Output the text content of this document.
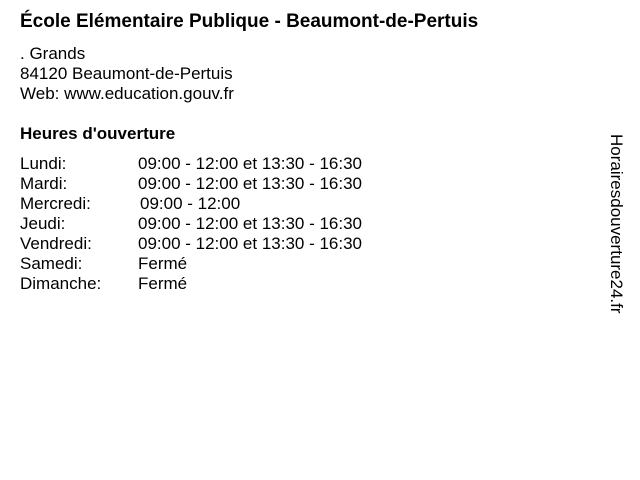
École Elémentaire Publique - Beaumont-de-Pertuis
. Grands
84120 Beaumont-de-Pertuis
Web: www.education.gouv.fr
Heures d'ouverture
Lundi:	09:00 - 12:00 et 13:30 - 16:30
Mardi:	09:00 - 12:00 et 13:30 - 16:30
Mercredi:	09:00 - 12:00
Jeudi:	09:00 - 12:00 et 13:30 - 16:30
Vendredi:	09:00 - 12:00 et 13:30 - 16:30
Samedi:	Fermé
Dimanche: Fermé	Horairesdouverture24.fr
